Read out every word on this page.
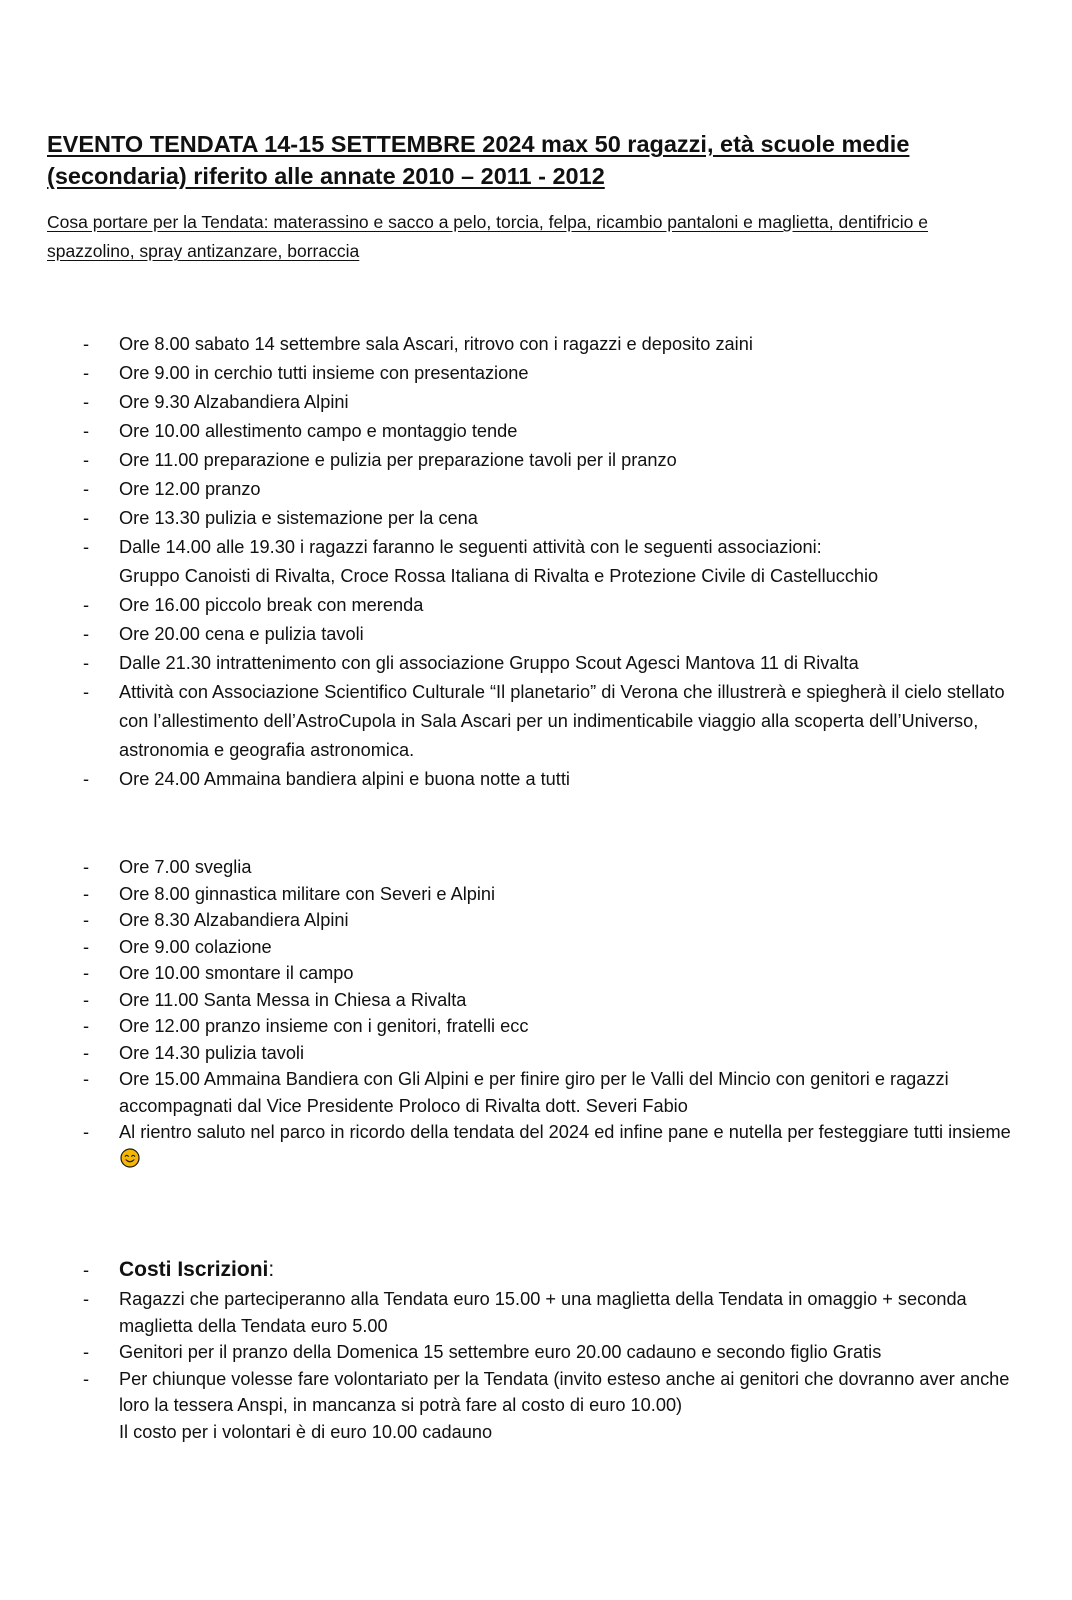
EVENTO TENDATA 14-15 SETTEMBRE 2024 max 50 ragazzi, età scuole medie (secondaria) riferito alle annate 2010 – 2011 - 2012

Cosa portare per la Tendata: materassino e sacco a pelo, torcia, felpa, ricambio pantaloni e maglietta, dentifricio e spazzolino, spray antizanzare, borraccia

- Ore 8.00 sabato 14 settembre sala Ascari, ritrovo con i ragazzi e deposito zaini
- Ore 9.00 in cerchio tutti insieme con presentazione
- Ore 9.30 Alzabandiera Alpini
- Ore 10.00 allestimento campo e montaggio tende
- Ore 11.00 preparazione e pulizia per preparazione tavoli per il pranzo
- Ore 12.00 pranzo
- Ore 13.30 pulizia e sistemazione per la cena
- Dalle 14.00 alle 19.30 i ragazzi faranno le seguenti attività con le seguenti associazioni:
Gruppo Canoisti di Rivalta, Croce Rossa Italiana di Rivalta e Protezione Civile di Castellucchio
- Ore 16.00 piccolo break con merenda
- Ore 20.00 cena e pulizia tavoli
- Dalle 21.30 intrattenimento con gli associazione Gruppo Scout Agesci Mantova 11 di Rivalta
- Attività con Associazione Scientifico Culturale “Il planetario” di Verona che illustrerà e spiegherà il cielo stellato con l’allestimento dell’AstroCupola in Sala Ascari per un indimenticabile viaggio alla scoperta dell’Universo, astronomia e geografia astronomica.
- Ore 24.00 Ammaina bandiera alpini e buona notte a tutti
- Ore 7.00 sveglia
- Ore 8.00 ginnastica militare con Severi e Alpini
- Ore 8.30 Alzabandiera Alpini
- Ore 9.00 colazione
- Ore 10.00 smontare il campo
- Ore 11.00 Santa Messa in Chiesa a Rivalta
- Ore 12.00 pranzo insieme con i genitori, fratelli ecc
- Ore 14.30 pulizia tavoli
- Ore 15.00 Ammaina Bandiera con Gli Alpini e per finire giro per le Valli del Mincio con genitori e ragazzi accompagnati dal Vice Presidente Proloco di Rivalta dott. Severi Fabio
- Al rientro saluto nel parco in ricordo della tendata del 2024 ed infine pane e nutella per festeggiare tutti insieme
- Costi Iscrizioni:
- Ragazzi che parteciperanno alla Tendata euro 15.00 + una maglietta della Tendata in omaggio + seconda maglietta della Tendata euro 5.00
- Genitori per il pranzo della Domenica 15 settembre euro 20.00 cadauno e secondo figlio Gratis
- Per chiunque volesse fare volontariato per la Tendata (invito esteso anche ai genitori che dovranno aver anche loro la tessera Anspi, in mancanza si potrà fare al costo di euro 10.00)
Il costo per i volontari è di euro 10.00 cadauno
